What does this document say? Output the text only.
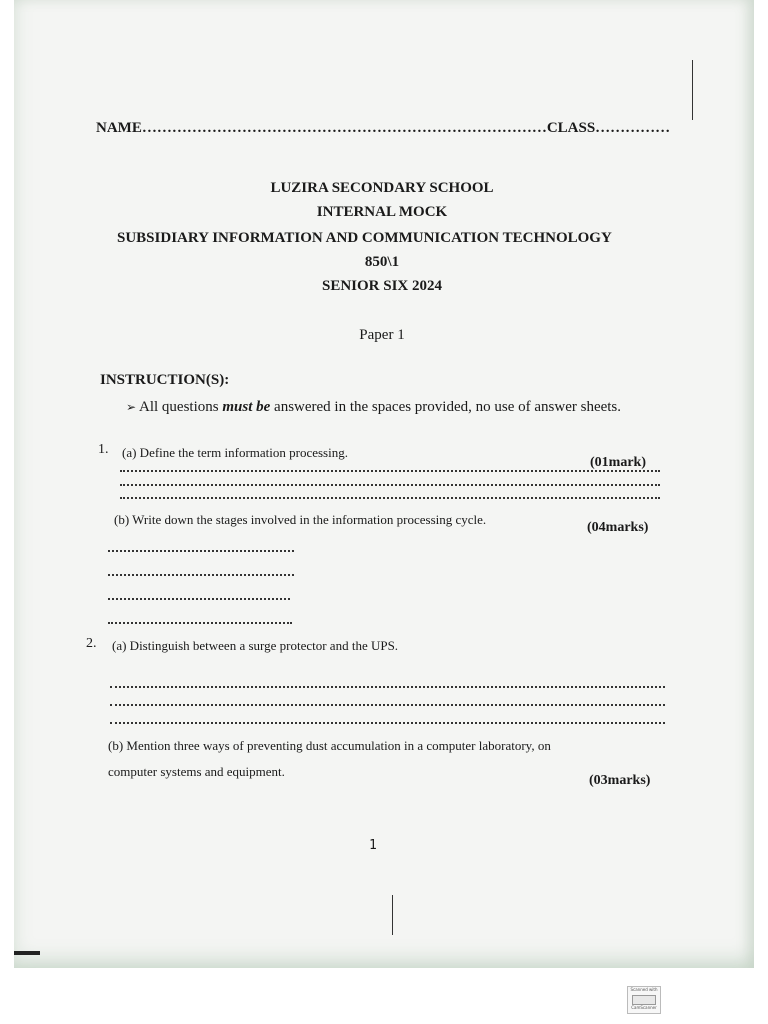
NAME………………………………………………………………………CLASS……………
LUZIRA SECONDARY SCHOOL
INTERNAL MOCK
SUBSIDIARY INFORMATION AND COMMUNICATION TECHNOLOGY
850\1
SENIOR SIX 2024
Paper 1
INSTRUCTION(S):
➢ All questions must be answered in the spaces provided, no use of answer sheets.
1. (a) Define the term information processing.
(01mark)
(b) Write down the stages involved in the information processing cycle.
(04marks)
2. (a) Distinguish between a surge protector and the UPS.
(b) Mention three ways of preventing dust accumulation in a computer laboratory, on
computer systems and equipment.
(03marks)
1
Scanned with
CamScanner
